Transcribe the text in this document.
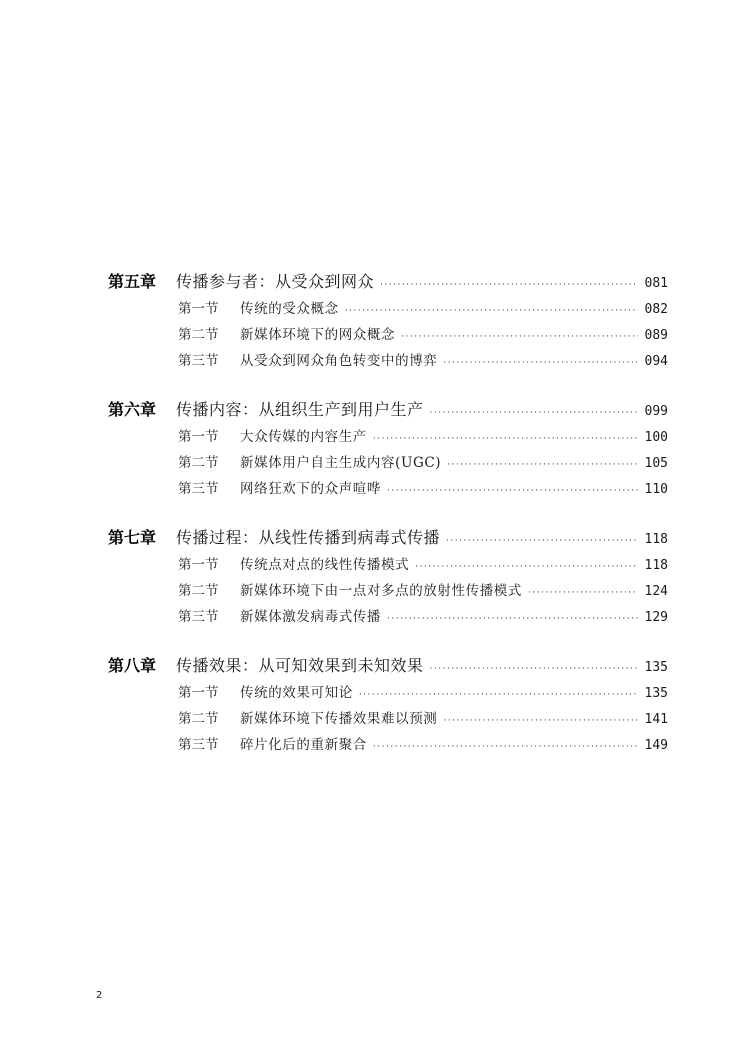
第五章	传播参与者：从受众到网众 ·····	081
第一节	传统的受众概念 ·····	082
第二节	新媒体环境下的网众概念 ·····	089
第三节	从受众到网众角色转变中的博弈 ·····	094
第六章	传播内容：从组织生产到用户生产 ·····	099
第一节	大众传媒的内容生产 ·····	100
第二节	新媒体用户自主生成内容(UGC) ·····	105
第三节	网络狂欢下的众声喧哗 ·····	110
第七章	传播过程：从线性传播到病毒式传播 ·····	118
第一节	传统点对点的线性传播模式 ·····	118
第二节	新媒体环境下由一点对多点的放射性传播模式 ·····	124
第三节	新媒体激发病毒式传播 ·····	129
第八章	传播效果：从可知效果到未知效果 ·····	135
第一节	传统的效果可知论 ·····	135
第二节	新媒体环境下传播效果难以预测 ·····	141
第三节	碎片化后的重新聚合 ·····	149
2
